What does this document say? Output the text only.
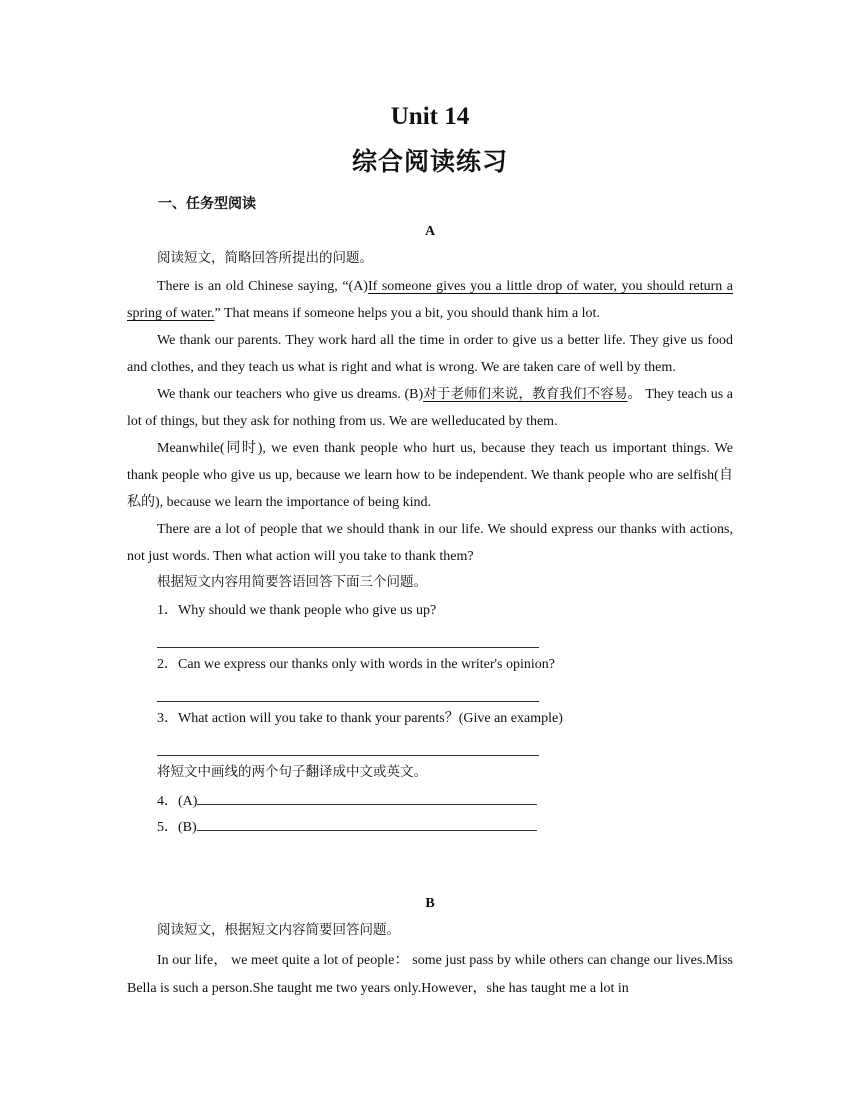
Unit 14
综合阅读练习
一、任务型阅读
A

阅读短文，简略回答所提出的问题。

There is an old Chinese saying, “(A)If someone gives you a little drop of water, you should return a spring of water.” That means if someone helps you a bit, you should thank him a lot.

We thank our parents. They work hard all the time in order to give us a better life. They give us food and clothes, and they teach us what is right and what is wrong. We are taken care of well by them.

We thank our teachers who give us dreams. (B)对于老师们来说，教育我们不容易。 They teach us a lot of things, but they ask for nothing from us. We are welleducated by them.

Meanwhile(同时), we even thank people who hurt us, because they teach us important things. We thank people who give us up, because we learn how to be independent. We thank people who are selfish(自私的), because we learn the importance of being kind.

There are a lot of people that we should thank in our life. We should express our thanks with actions, not just words. Then what action will you take to thank them?

根据短文内容用简要答语回答下面三个问题。

1．Why should we thank people who give us up?

2．Can we express our thanks only with words in the writer's opinion?

3．What action will you take to thank your parents？(Give an example)

将短文中画线的两个句子翻译成中文或英文。

4．(A)

5．(B)

B

阅读短文，根据短文内容简要回答问题。

In our life， we meet quite a lot of people： some just pass by while others can change our lives.Miss Bella is such a person.She taught me two years only.However，she has taught me a lot in
